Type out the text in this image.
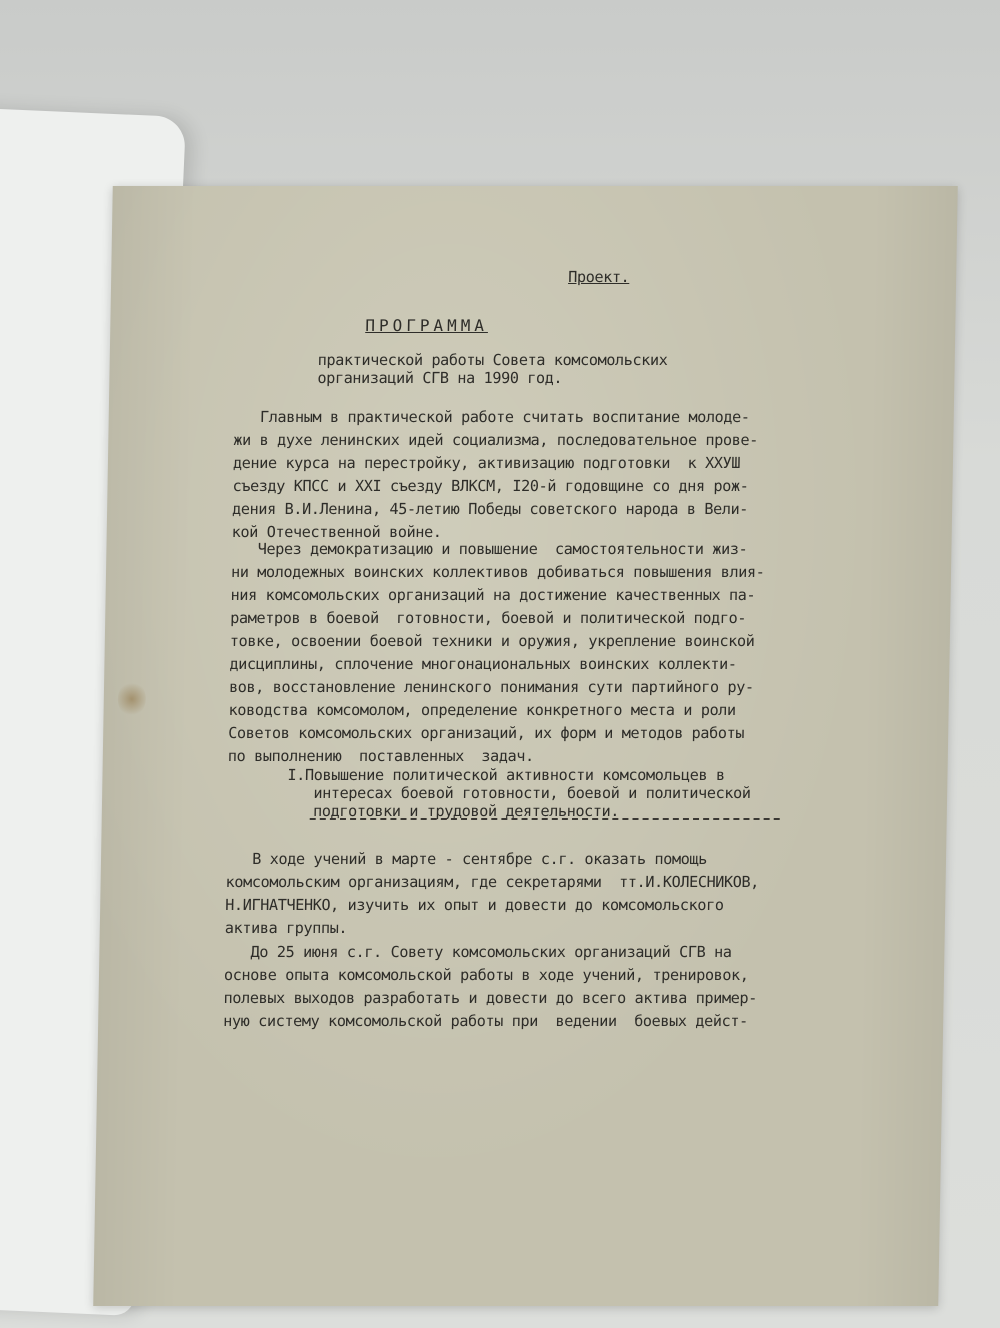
Проект.

ПРОГРАММА

практической работы Совета комсомольских
организаций СГВ на 1990 год.
Главным в практической работе считать воспитание молоде-
жи в духе ленинских идей социализма, последовательное прове-
дение курса на перестройку, активизацию подготовки  к XXУШ
съезду КПСС и XXI съезду ВЛКСМ, I20-й годовщине со дня рож-
дения В.И.Ленина, 45-летию Победы советского народа в Вели-
кой Отечественной войне.
Через демократизацию и повышение  самостоятельности жиз-
ни молодежных воинских коллективов добиваться повышения влия-
ния комсомольских организаций на достижение качественных па-
раметров в боевой  готовности, боевой и политической подго-
товке, освоении боевой техники и оружия, укрепление воинской
дисциплины, сплочение многонациональных воинских коллекти-
вов, восстановление ленинского понимания сути партийного ру-
ководства комсомолом, определение конкретного места и роли
Советов комсомольских организаций, их форм и методов работы
по выполнению  поставленных  задач.
I.Повышение политической активности комсомольцев в
интересах боевой готовности, боевой и политической
подготовки и трудовой деятельности.
В ходе учений в марте - сентябре с.г. оказать помощь
комсомольским организациям, где секретарями  тт.И.КОЛЕСНИКОВ,
Н.ИГНАТЧЕНКО, изучить их опыт и довести до комсомольского
актива группы.
До 25 июня с.г. Совету комсомольских организаций СГВ на
основе опыта комсомольской работы в ходе учений, тренировок,
полевых выходов разработать и довести до всего актива пример-
ную систему комсомольской работы при  ведении  боевых дейст-
